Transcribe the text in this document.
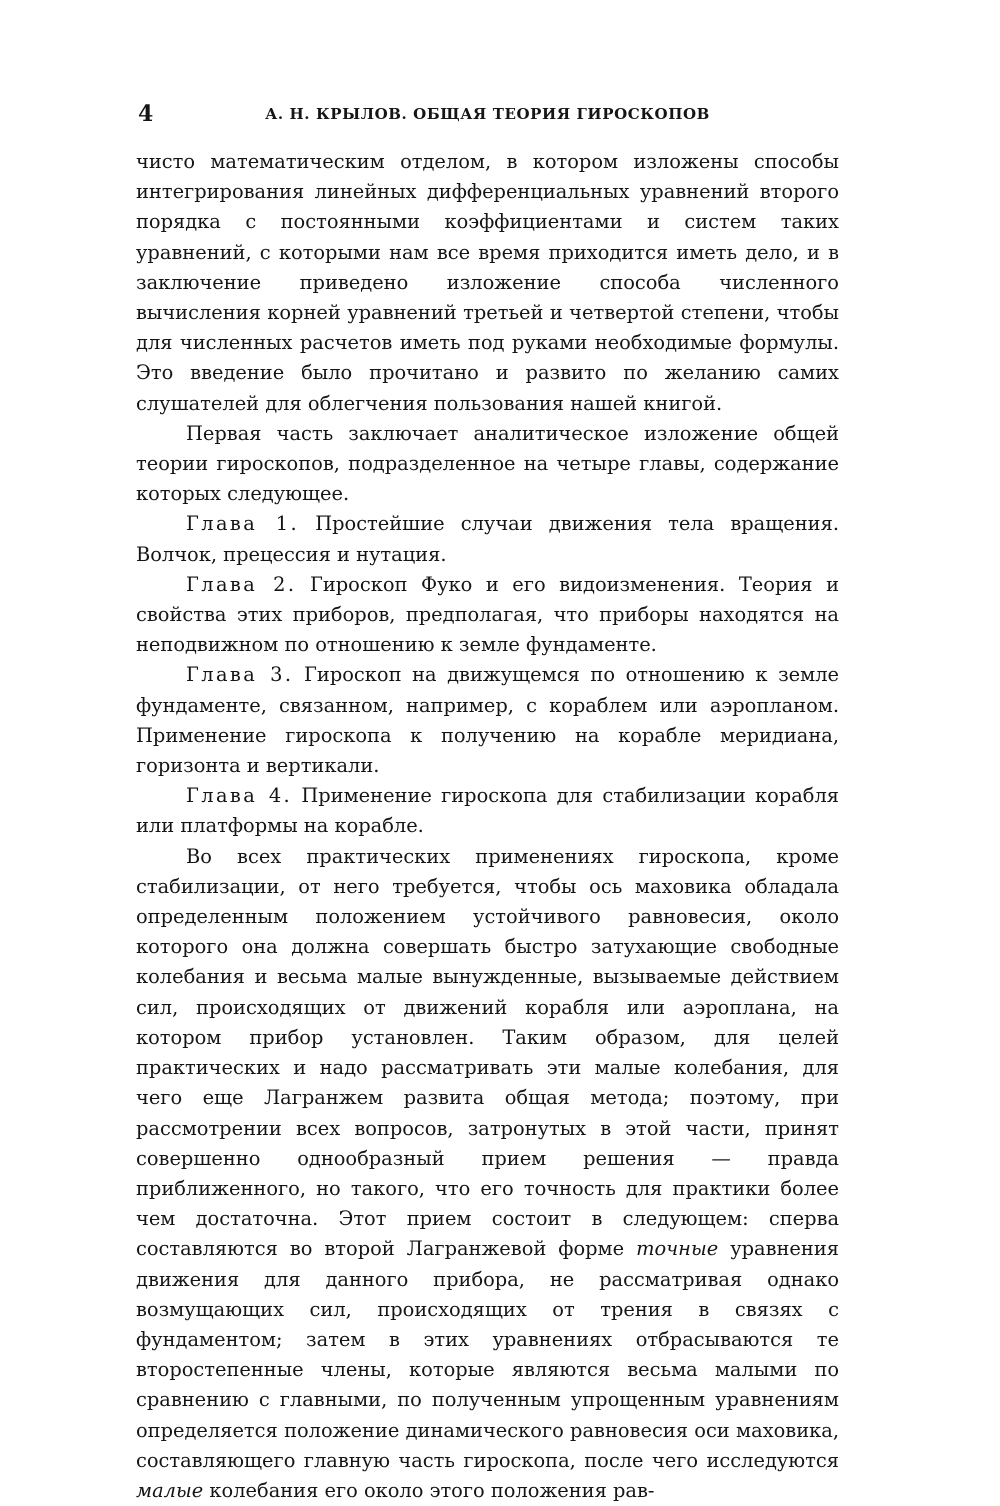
4	А. Н. КРЫЛОВ. ОБЩАЯ ТЕОРИЯ ГИРОСКОПОВ

чисто математическим отделом, в котором изложены способы интегрирования линейных дифференциальных уравнений второго порядка с постоянными коэффициентами и систем таких уравнений, с которыми нам все время приходится иметь дело, и в заключение приведено изложение способа численного вычисления корней уравнений третьей и четвертой степени, чтобы для численных расчетов иметь под руками необходимые формулы. Это введение было прочитано и развито по желанию самих слушателей для облегчения пользования нашей книгой.

Первая часть заключает аналитическое изложение общей теории гироскопов, подразделенное на четыре главы, содержание которых следующее.

Глава 1. Простейшие случаи движения тела вращения. Волчок, прецессия и нутация.

Глава 2. Гироскоп Фуко и его видоизменения. Теория и свойства этих приборов, предполагая, что приборы находятся на неподвижном по отношению к земле фундаменте.

Глава 3. Гироскоп на движущемся по отношению к земле фундаменте, связанном, например, с кораблем или аэропланом. Применение гироскопа к получению на корабле меридиана, горизонта и вертикали.

Глава 4. Применение гироскопа для стабилизации корабля или платформы на корабле.

Во всех практических применениях гироскопа, кроме стабилизации, от него требуется, чтобы ось маховика обладала определенным положением устойчивого равновесия, около которого она должна совершать быстро затухающие свободные колебания и весьма малые вынужденные, вызываемые действием сил, происходящих от движений корабля или аэроплана, на котором прибор установлен. Таким образом, для целей практических и надо рассматривать эти малые колебания, для чего еще Лагранжем развита общая метода; поэтому, при рассмотрении всех вопросов, затронутых в этой части, принят совершенно однообразный прием решения — правда приближенного, но такого, что его точность для практики более чем достаточна. Этот прием состоит в следующем: сперва составляются во второй Лагранжевой форме точные уравнения движения для данного прибора, не рассматривая однако возмущающих сил, происходящих от трения в связях с фундаментом; затем в этих уравнениях отбрасываются те второстепенные члены, которые являются весьма малыми по сравнению с главными, по полученным упрощенным уравнениям определяется положение динамического равновесия оси маховика, составляющего главную часть гироскопа, после чего исследуются малые колебания его около этого положения рав-
